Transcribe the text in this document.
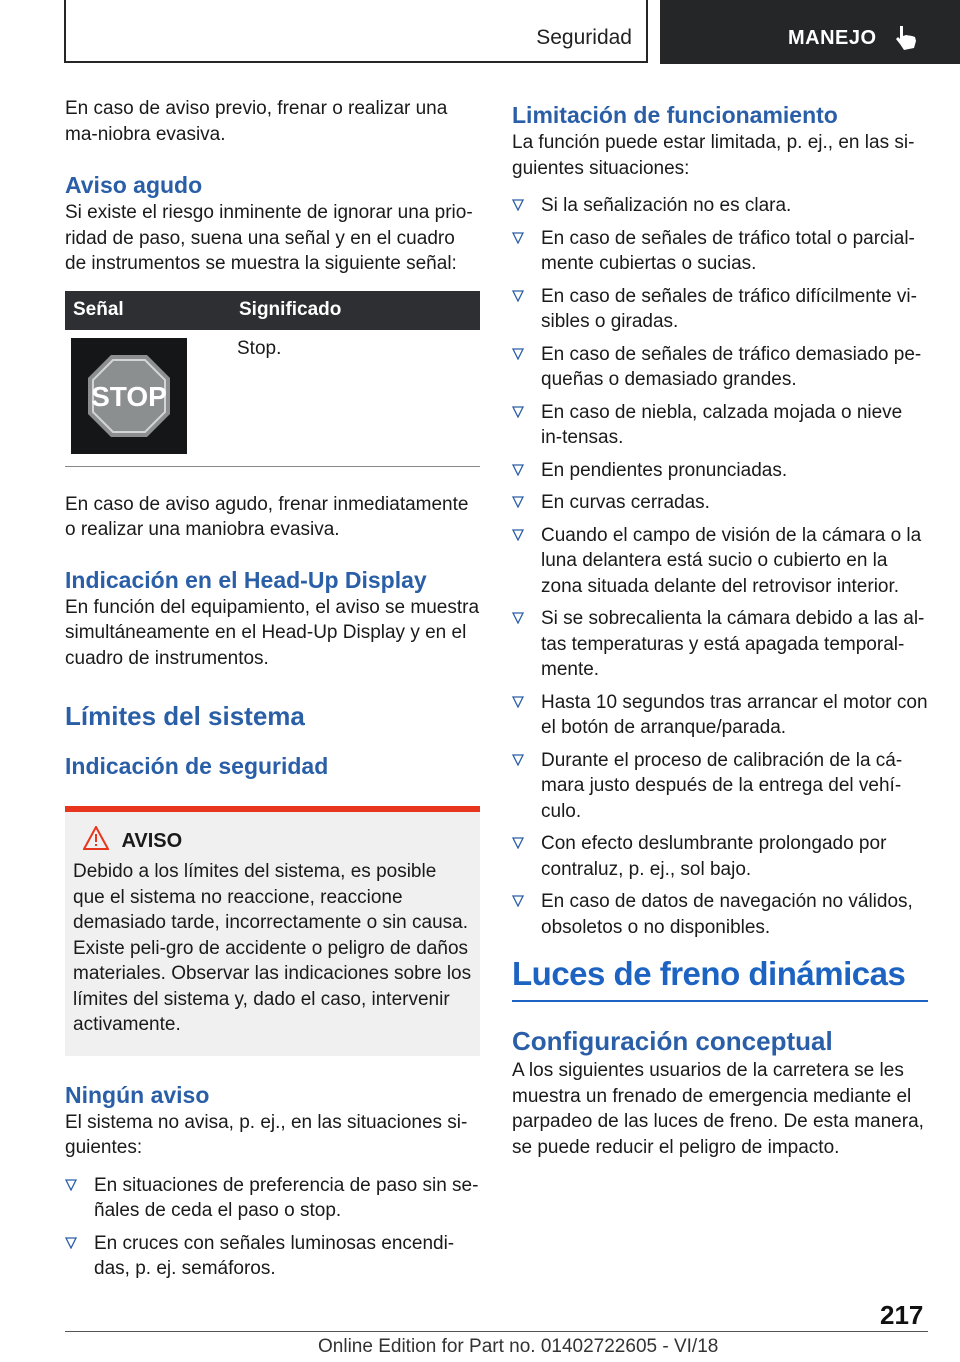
Seguridad	MANEJO

En caso de aviso previo, frenar o realizar una ma-niobra evasiva.

Aviso agudo

Si existe el riesgo inminente de ignorar una prio-ridad de paso, suena una señal y en el cuadro de instrumentos se muestra la siguiente señal:

Señal	Significado

STOP	Stop.

En caso de aviso agudo, frenar inmediatamente o realizar una maniobra evasiva.

Indicación en el Head-Up Display

En función del equipamiento, el aviso se muestra simultáneamente en el Head-Up Display y en el cuadro de instrumentos.

Límites del sistema
Indicación de seguridad
AVISO

Debido a los límites del sistema, es posible que el sistema no reaccione, reaccione demasiado tarde, incorrectamente o sin causa. Existe peli-gro de accidente o peligro de daños materiales. Observar las indicaciones sobre los límites del sistema y, dado el caso, intervenir activamente.

Ningún aviso

El sistema no avisa, p. ej., en las situaciones si-guientes:

En situaciones de preferencia de paso sin se-ñales de ceda el paso o stop.
En cruces con señales luminosas encendi-das, p. ej. semáforos.
Limitación de funcionamiento

La función puede estar limitada, p. ej., en las si-guientes situaciones:

Si la señalización no es clara.
En caso de señales de tráfico total o parcial-mente cubiertas o sucias.
En caso de señales de tráfico difícilmente vi-sibles o giradas.
En caso de señales de tráfico demasiado pe-queñas o demasiado grandes.
En caso de niebla, calzada mojada o nieve in-tensas.
En pendientes pronunciadas.
En curvas cerradas.
Cuando el campo de visión de la cámara o la luna delantera está sucio o cubierto en la zona situada delante del retrovisor interior.
Si se sobrecalienta la cámara debido a las al-tas temperaturas y está apagada temporal-mente.
Hasta 10 segundos tras arrancar el motor con el botón de arranque/parada.
Durante el proceso de calibración de la cá-mara justo después de la entrega del vehí-culo.
Con efecto deslumbrante prolongado por contraluz, p. ej., sol bajo.
En caso de datos de navegación no válidos, obsoletos o no disponibles.
Luces de freno dinámicas
Configuración conceptual

A los siguientes usuarios de la carretera se les muestra un frenado de emergencia mediante el parpadeo de las luces de freno. De esta manera, se puede reducir el peligro de impacto.

217
Online Edition for Part no. 01402722605 - VI/18
